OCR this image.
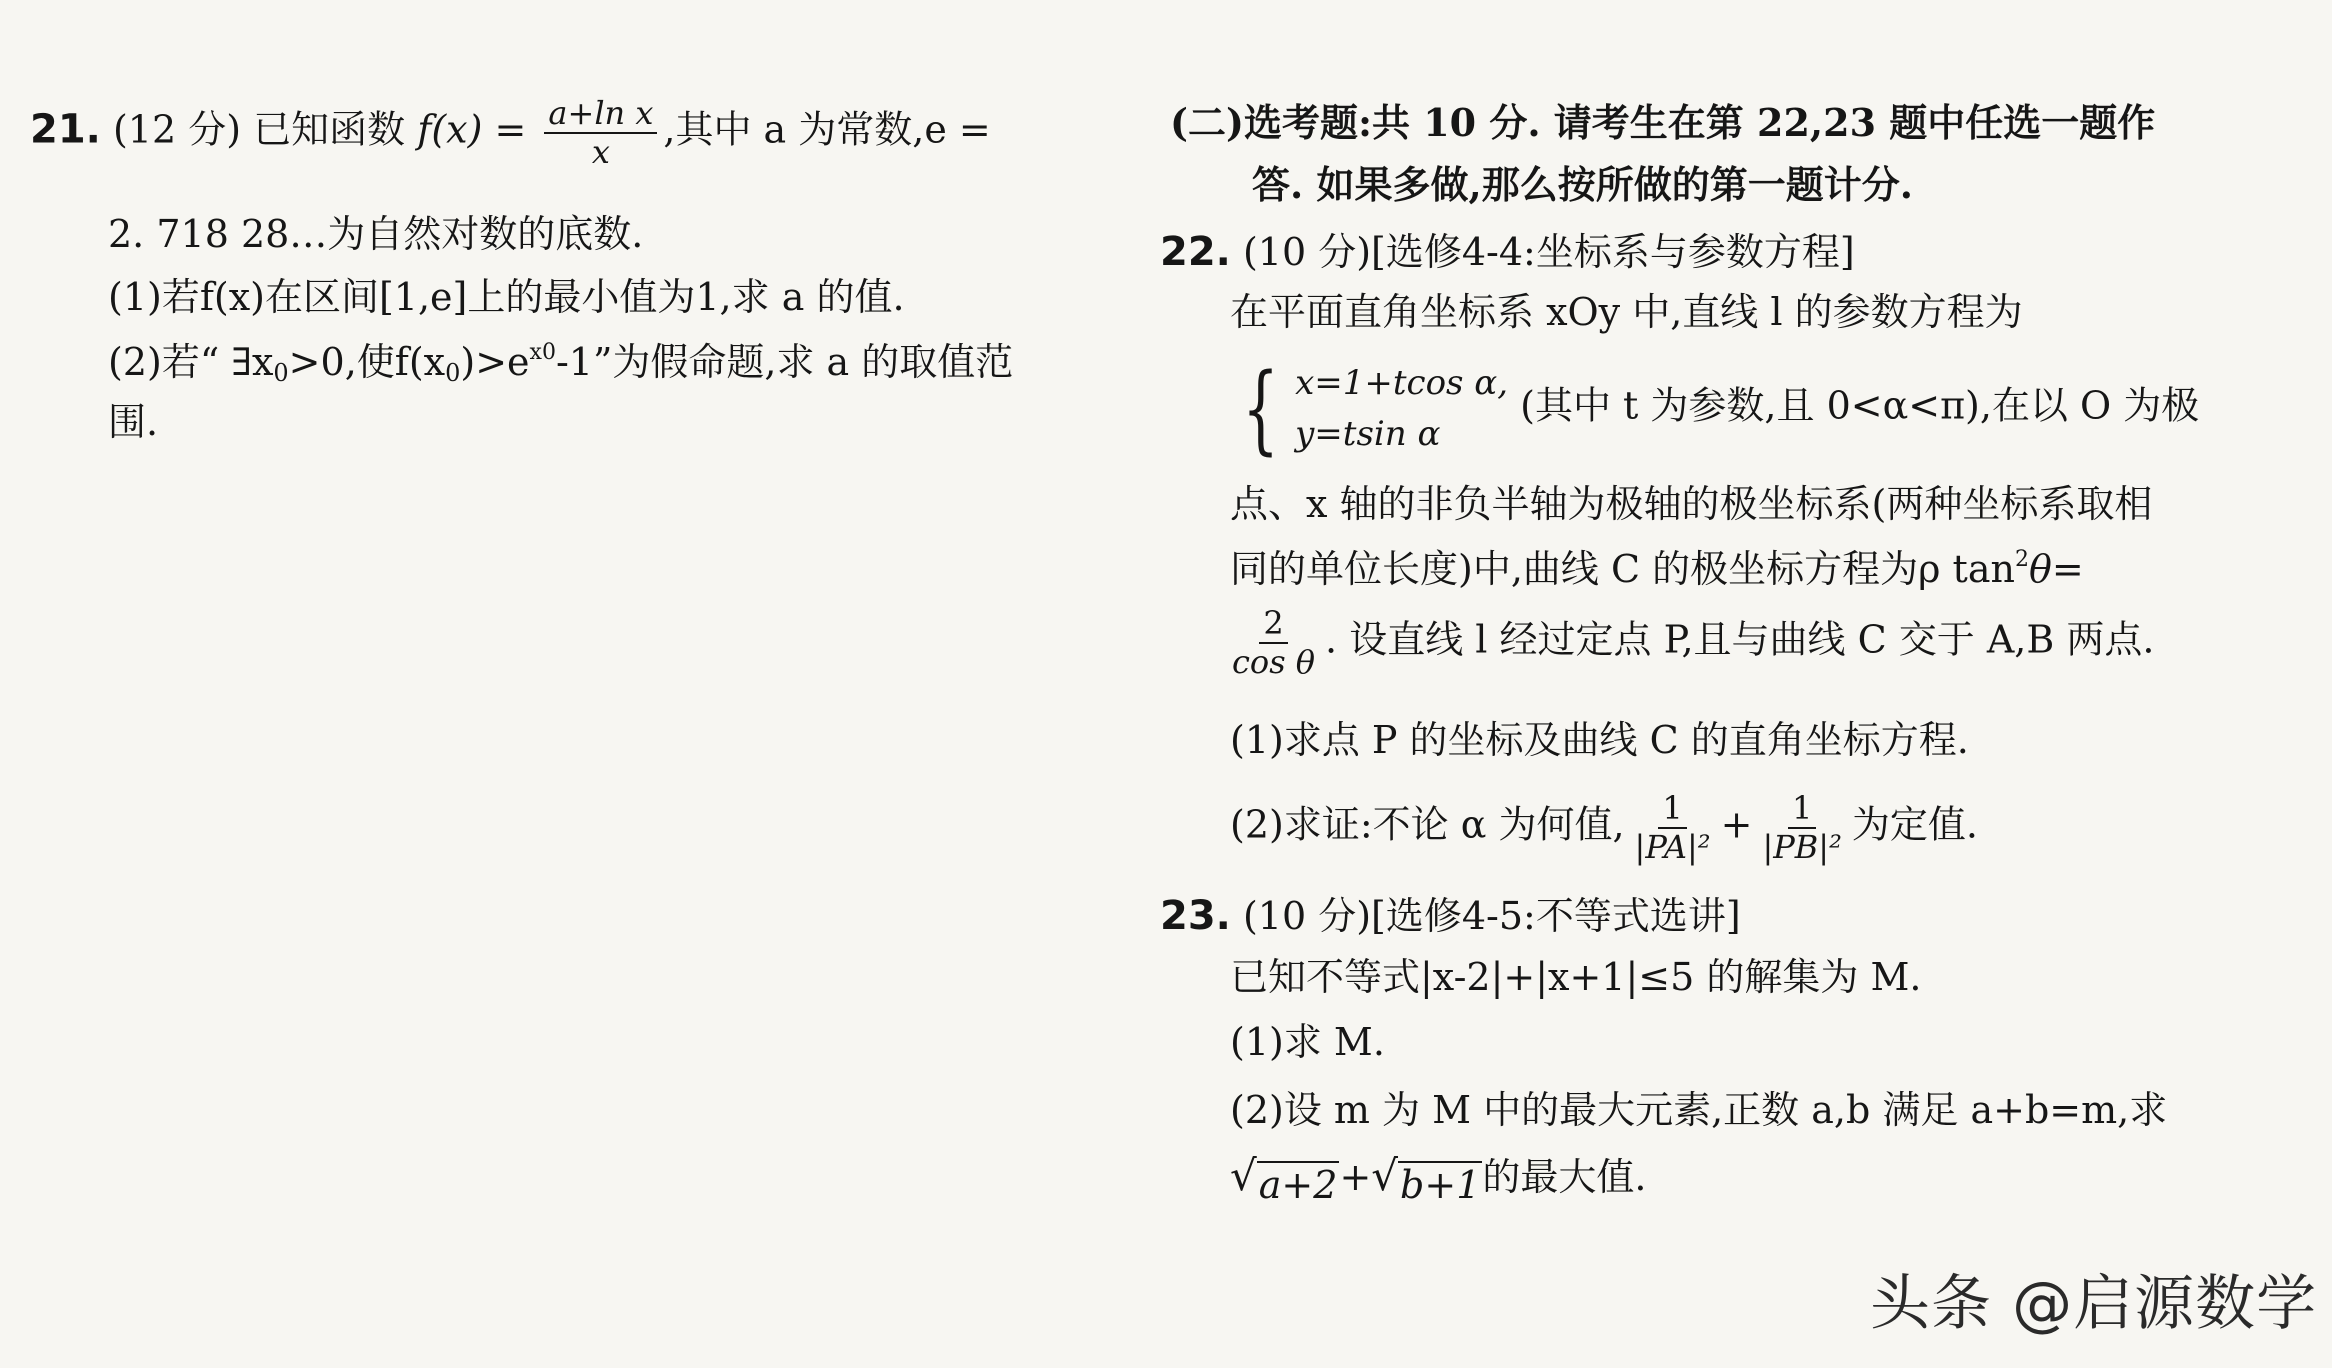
21. (12 分) 已知函数 $f(x) = \frac{\text{a+ln x}}{x}$ ,其中 a 为常数,e =
2. 718 28…为自然对数的底数.
(1)若f(x)在区间[1,e]上的最小值为1,求 a 的值.
(2)若“ $\exists x_0>0$,使$f(x_0)>e^{x0}-1$”为假命题,求 a 的取值范
围.
(二)选考题:共 10 分. 请考生在第 22,23 题中任选一题作
答. 如果多做,那么按所做的第一题计分.
22. (10 分)[选修4-4:坐标系与参数方程]
在平面直角坐标系 xOy 中,直线 l 的参数方程为
{ x=1+tcos α,
y=tsin α
(其中 t 为参数,且 0<α<π),在以 O 为极
点、x 轴的非负半轴为极轴的极坐标系(两种坐标系取相
同的单位长度)中,曲线 C 的极坐标方程为ρ $\tan^2\theta=$
$\frac{2}{\text{cos θ}}$ . 设直线 l 经过定点 P,且与曲线 C 交于 A,B 两点.
(1)求点 P 的坐标及曲线 C 的直角坐标方程.
(2)求证:不论 α 为何值, $\frac{1}{\text{|PA|²}} + \frac{1}{\text{|PB|²}}$ 为定值.
23. (10 分)[选修4-5:不等式选讲]
已知不等式|x-2|+|x+1|≤5 的解集为 M.
(1)求 M.
(2)设 m 为 M 中的最大元素,正数 a,b 满足 a+b=m,求
√ a+2 + √ b+1 的最大值.
头条 @启源数学
